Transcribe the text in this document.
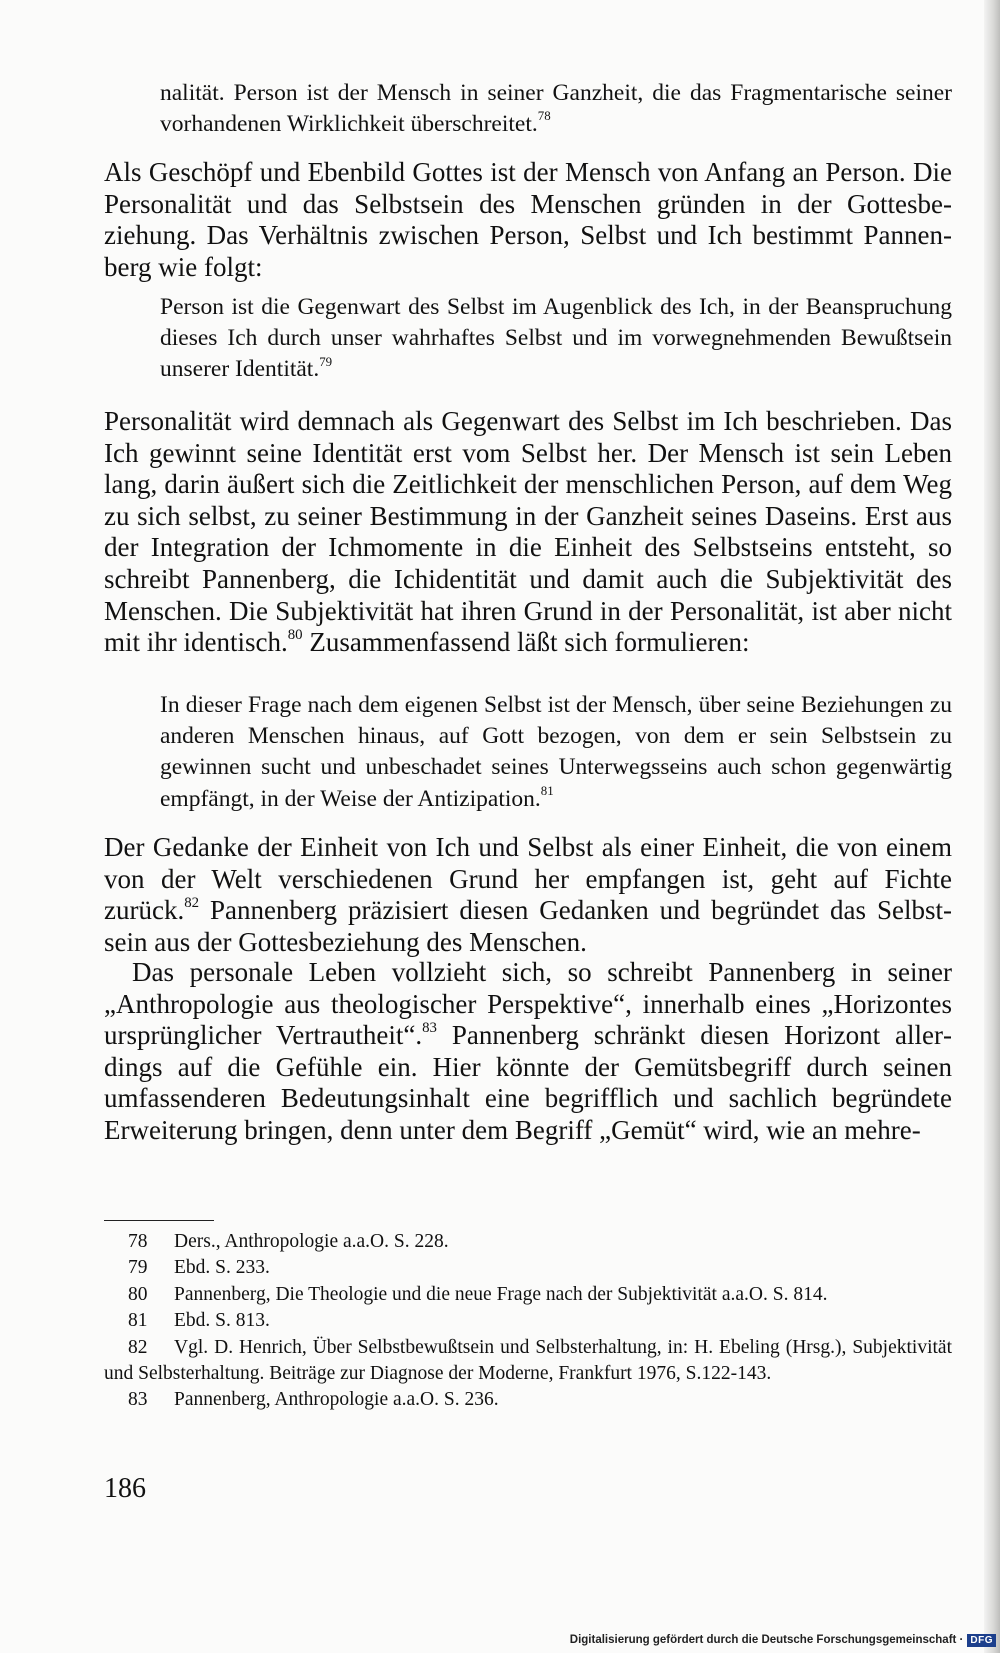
nalität. Person ist der Mensch in seiner Ganzheit, die das Fragmentarische seiner vorhandenen Wirklichkeit überschreitet.$^{78}$

Als Geschöpf und Ebenbild Gottes ist der Mensch von Anfang an Person. Die Personalität und das Selbstsein des Menschen gründen in der Gottesbeziehung. Das Verhältnis zwischen Person, Selbst und Ich bestimmt Pannenberg wie folgt:

Person ist die Gegenwart des Selbst im Augenblick des Ich, in der Beanspruchung dieses Ich durch unser wahrhaftes Selbst und im vorwegnehmenden Bewußtsein unserer Identität.$^{79}$

Personalität wird demnach als Gegenwart des Selbst im Ich beschrieben. Das Ich gewinnt seine Identität erst vom Selbst her. Der Mensch ist sein Leben lang, darin äußert sich die Zeitlichkeit der menschlichen Person, auf dem Weg zu sich selbst, zu seiner Bestimmung in der Ganzheit seines Daseins. Erst aus der Integration der Ichmomente in die Einheit des Selbstseins entsteht, so schreibt Pannenberg, die Ichidentität und damit auch die Subjektivität des Menschen. Die Subjektivität hat ihren Grund in der Personalität, ist aber nicht mit ihr identisch.$^{80}$ Zusammenfassend läßt sich formulieren:

In dieser Frage nach dem eigenen Selbst ist der Mensch, über seine Beziehungen zu anderen Menschen hinaus, auf Gott bezogen, von dem er sein Selbstsein zu gewinnen sucht und unbeschadet seines Unterwegsseins auch schon gegenwärtig empfängt, in der Weise der Antizipation.$^{81}$

Der Gedanke der Einheit von Ich und Selbst als einer Einheit, die von einem von der Welt verschiedenen Grund her empfangen ist, geht auf Fichte zurück.$^{82}$ Pannenberg präzisiert diesen Gedanken und begründet das Selbstsein aus der Gottesbeziehung des Menschen.

Das personale Leben vollzieht sich, so schreibt Pannenberg in seiner „Anthropologie aus theologischer Perspektive“, innerhalb eines „Horizontes ursprünglicher Vertrautheit“.$^{83}$ Pannenberg schränkt diesen Horizont allerdings auf die Gefühle ein. Hier könnte der Gemütsbegriff durch seinen umfassenderen Bedeutungsinhalt eine begrifflich und sachlich begründete Erweiterung bringen, denn unter dem Begriff „Gemüt“ wird, wie an mehre-

78 Ders., Anthropologie a.a.O. S. 228.

79 Ebd. S. 233.

80 Pannenberg, Die Theologie und die neue Frage nach der Subjektivität a.a.O. S. 814.

81 Ebd. S. 813.

82 Vgl. D. Henrich, Über Selbstbewußtsein und Selbsterhaltung, in: H. Ebeling (Hrsg.), Subjektivität und Selbsterhaltung. Beiträge zur Diagnose der Moderne, Frankfurt 1976, S.122-143.

83 Pannenberg, Anthropologie a.a.O. S. 236.

186
Digitalisierung gefördert durch die Deutsche Forschungsgemeinschaft · DFG
